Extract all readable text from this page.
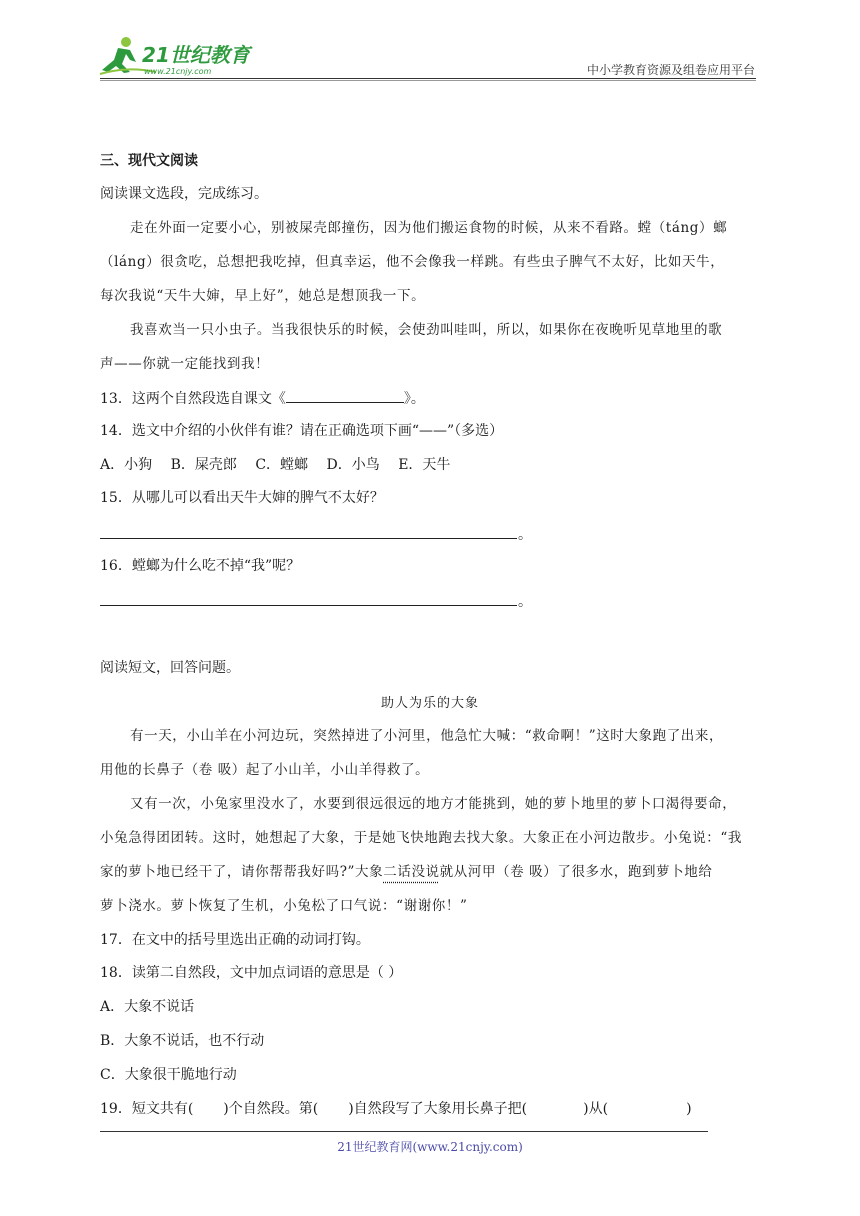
21世纪教育
www.21cnjy.com	中小学教育资源及组卷应用平台
三、现代文阅读
阅读课文选段，完成练习。
走在外面一定要小心，别被屎壳郎撞伤，因为他们搬运食物的时候，从来不看路。螳（táng）螂
（láng）很贪吃，总想把我吃掉，但真幸运，他不会像我一样跳。有些虫子脾气不太好，比如天牛，
每次我说“天牛大婶，早上好”，她总是想顶我一下。
我喜欢当一只小虫子。当我很快乐的时候，会使劲叫哇叫，所以，如果你在夜晚听见草地里的歌
声——你就一定能找到我！
13．这两个自然段选自课文《	》。
14．选文中介绍的小伙伴有谁？请在正确选项下画“——”（多选）
A．小狗 B．屎壳郎 C．螳螂 D．小鸟 E．天牛
15．从哪儿可以看出天牛大婶的脾气不太好？
。
16．螳螂为什么吃不掉“我”呢？
。
阅读短文，回答问题。
助人为乐的大象
有一天，小山羊在小河边玩，突然掉进了小河里，他急忙大喊：“救命啊！”这时大象跑了出来，
用他的长鼻子（卷 吸）起了小山羊，小山羊得救了。
又有一次，小兔家里没水了，水要到很远很远的地方才能挑到，她的萝卜地里的萝卜口渴得要命，
小兔急得团团转。这时，她想起了大象，于是她飞快地跑去找大象。大象正在小河边散步。小兔说：“我
家的萝卜地已经干了，请你帮帮我好吗?”大象二话没说就从河甲（卷 吸）了很多水，跑到萝卜地给
萝卜浇水。萝卜恢复了生机，小兔松了口气说：“谢谢你！”
17．在文中的括号里选出正确的动词打钩。
18．读第二自然段，文中加点词语的意思是（ ）
A．大象不说话
B．大象不说话，也不行动
C．大象很干脆地行动
19．短文共有( )个自然段。第( )自然段写了大象用长鼻子把(	)从(	)
21世纪教育网(www.21cnjy.com)
